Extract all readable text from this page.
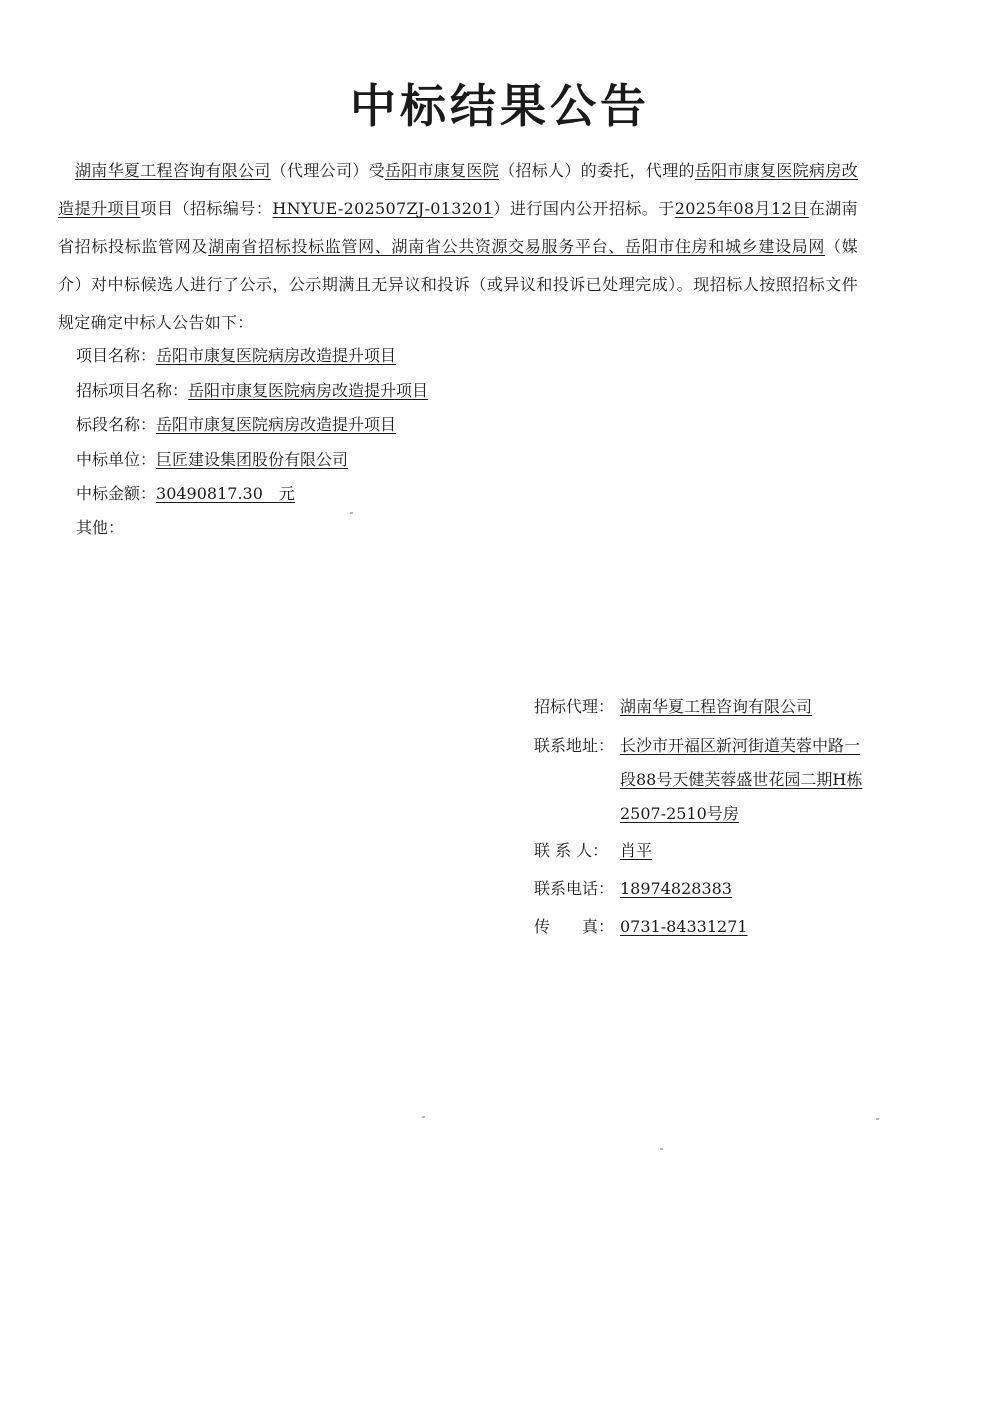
中标结果公告

湖南华夏工程咨询有限公司（代理公司）受岳阳市康复医院（招标人）的委托，代理的岳阳市康复医院病房改造提升项目项目（招标编号：HNYUE-202507ZJ-013201）进行国内公开招标。于2025年08月12日在湖南省招标投标监管网及湖南省招标投标监管网、湖南省公共资源交易服务平台、岳阳市住房和城乡建设局网（媒介）对中标候选人进行了公示，公示期满且无异议和投诉（或异议和投诉已处理完成）。现招标人按照招标文件规定确定中标人公告如下：

项目名称：岳阳市康复医院病房改造提升项目
招标项目名称：岳阳市康复医院病房改造提升项目
标段名称：岳阳市康复医院病房改造提升项目
中标单位：巨匠建设集团股份有限公司
中标金额：30490817.30　元
其他：
招标代理： 湖南华夏工程咨询有限公司
联系地址： 长沙市开福区新河街道芙蓉中路一段88号天健芙蓉盛世花园二期H栋2507-2510号房
联 系 人： 肖平
联系电话： 18974828383
传　　真： 0731-84331271
